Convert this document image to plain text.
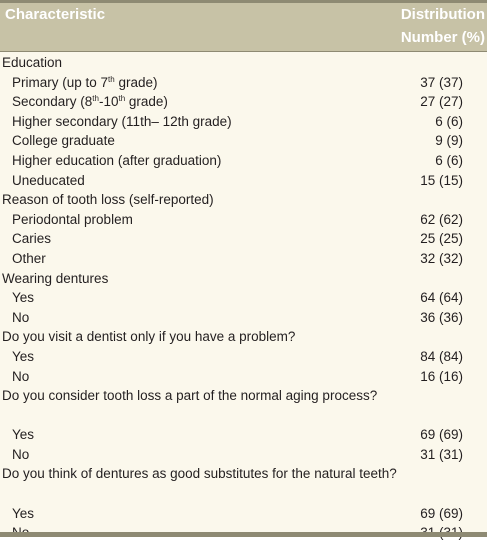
Characteristic	Distribution
Number (%)
Education
Primary (up to 7th grade)	37 (37)
Secondary (8th-10th grade)	27 (27)
Higher secondary (11th– 12th grade)	6 (6)
College graduate	9 (9)
Higher education (after graduation)	6 (6)
Uneducated	15 (15)
Reason of tooth loss (self-reported)
Periodontal problem	62 (62)
Caries	25 (25)
Other	32 (32)
Wearing dentures
Yes	64 (64)
No	36 (36)
Do you visit a dentist only if you have a problem?
Yes	84 (84)
No	16 (16)
Do you consider tooth loss a part of the normal aging process?
Yes	69 (69)
No	31 (31)
Do you think of dentures as good substitutes for the natural teeth?
Yes	69 (69)
